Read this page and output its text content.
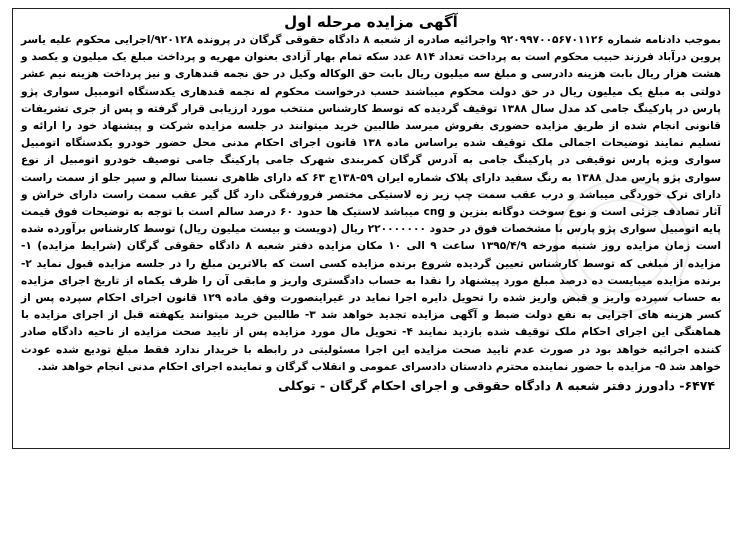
آگهی مزایده مرحله اول
بموجب دادنامه شماره ۹۲۰۹۹۷۰۰۵۶۷۰۱۱۲۶ واجرائیه صادره از شعبه ۸ دادگاه حقوقی گرگان در پرونده ۹۲۰۱۲۸/اجرایی محکوم علیه یاسر پروین درآباد فرزند حبیب محکوم است به پرداخت تعداد ۸۱۴ عدد سکه تمام بهار آزادی بعنوان مهریه و پرداخت مبلغ یک میلیون و یکصد و هشت هزار ریال بابت هزینه دادرسی و مبلغ سه میلیون ریال بابت حق الوکاله وکیل در حق نجمه قندهاری و نیز پرداخت هزینه نیم عشر دولتی به مبلغ یک میلیون ریال در حق دولت محکوم میباشند حسب درخواست محکوم له نجمه قندهاری یکدستگاه اتومبیل سواری پژو پارس در پارکینگ جامی کد مدل سال ۱۳۸۸ توقیف گردیده که توسط کارشناس منتخب مورد ارزیابی قرار گرفته و پس از جری تشریفات قانونی انجام شده از طریق مزایده حضوری بفروش میرسد طالبین خرید میتوانند در جلسه مزایده شرکت و پیشنهاد خود را ارائه و تسلیم نمایند توضیحات اجمالی ملک توقیف شده براساس ماده ۱۳۸ قانون اجرای احکام مدنی محل حضور خودرو یکدستگاه اتومبیل سواری ویژه پارس توقیفی در پارکینگ جامی به آدرس گرگان کمربندی شهرک جامی پارکینگ جامی توصیف خودرو اتومبیل از نوع سواری پژو پارس مدل ۱۳۸۸ به رنگ سفید دارای پلاک شماره ایران ۵۹-۱۳۸ج ۶۳ که دارای ظاهری نسبتا سالم و سپر جلو از سمت راست دارای ترک خوردگی میباشد و درب عقب سمت چپ زیر زه لاستیکی مختصر فرورفتگی دارد گل گیر عقب سمت راست دارای خراش و آثار تصادف جزئی است و نوع سوخت دوگانه بنزین و cng میباشد لاستیک ها حدود ۶۰ درصد سالم است با توجه به توضیحات فوق قیمت پایه اتومبیل سواری پژو پارس با مشخصات فوق در حدود ۲۲۰۰۰۰۰۰۰ ریال (دویست و بیست میلیون ریال) توسط کارشناس برآورده شده است زمان مزایده روز شنبه مورخه ۱۳۹۵/۴/۹ ساعت ۹ الی ۱۰ مکان مزایده دفتر شعبه ۸ دادگاه حقوقی گرگان (شرایط مزایده) ۱- مزایده از مبلغی که توسط کارشناس تعیین گردیده شروع برنده مزایده کسی است که بالاترین مبلغ را در جلسه مزایده قبول نماید ۲- برنده مزایده میبایست ده درصد مبلغ مورد پیشنهاد را نقدا به حساب دادگستری واریز و مابقی آن را ظرف یکماه از تاریخ اجرای مزایده به حساب سپرده واریز و قبض واریز شده را تحویل دایره اجرا نماید در غیراینصورت وفق ماده ۱۲۹ قانون اجرای احکام سپرده پس از کسر هزینه های اجرایی به نفع دولت ضبط و آگهی مزایده تجدید خواهد شد ۳- طالبین خرید میتوانند یکهفته قبل از اجرای مزایده با هماهنگی این اجرای احکام ملک توقیف شده بازدید نمایند ۴- تحویل مال مورد مزایده پس از تایید صحت مزایده از ناحیه دادگاه صادر کننده اجرائیه خواهد بود در صورت عدم تایید صحت مزایده این اجرا مسئولیتی در رابطه با خریدار ندارد فقط مبلغ تودیع شده عودت خواهد شد ۵- مزایده با حضور نماینده محترم دادستان دادسرای عمومی و انقلاب گرگان و نماینده اجرای احکام مدنی انجام خواهد شد.
۶۴۷۴- دادورز دفتر شعبه ۸ دادگاه حقوقی و اجرای احکام گرگان - توکلی
